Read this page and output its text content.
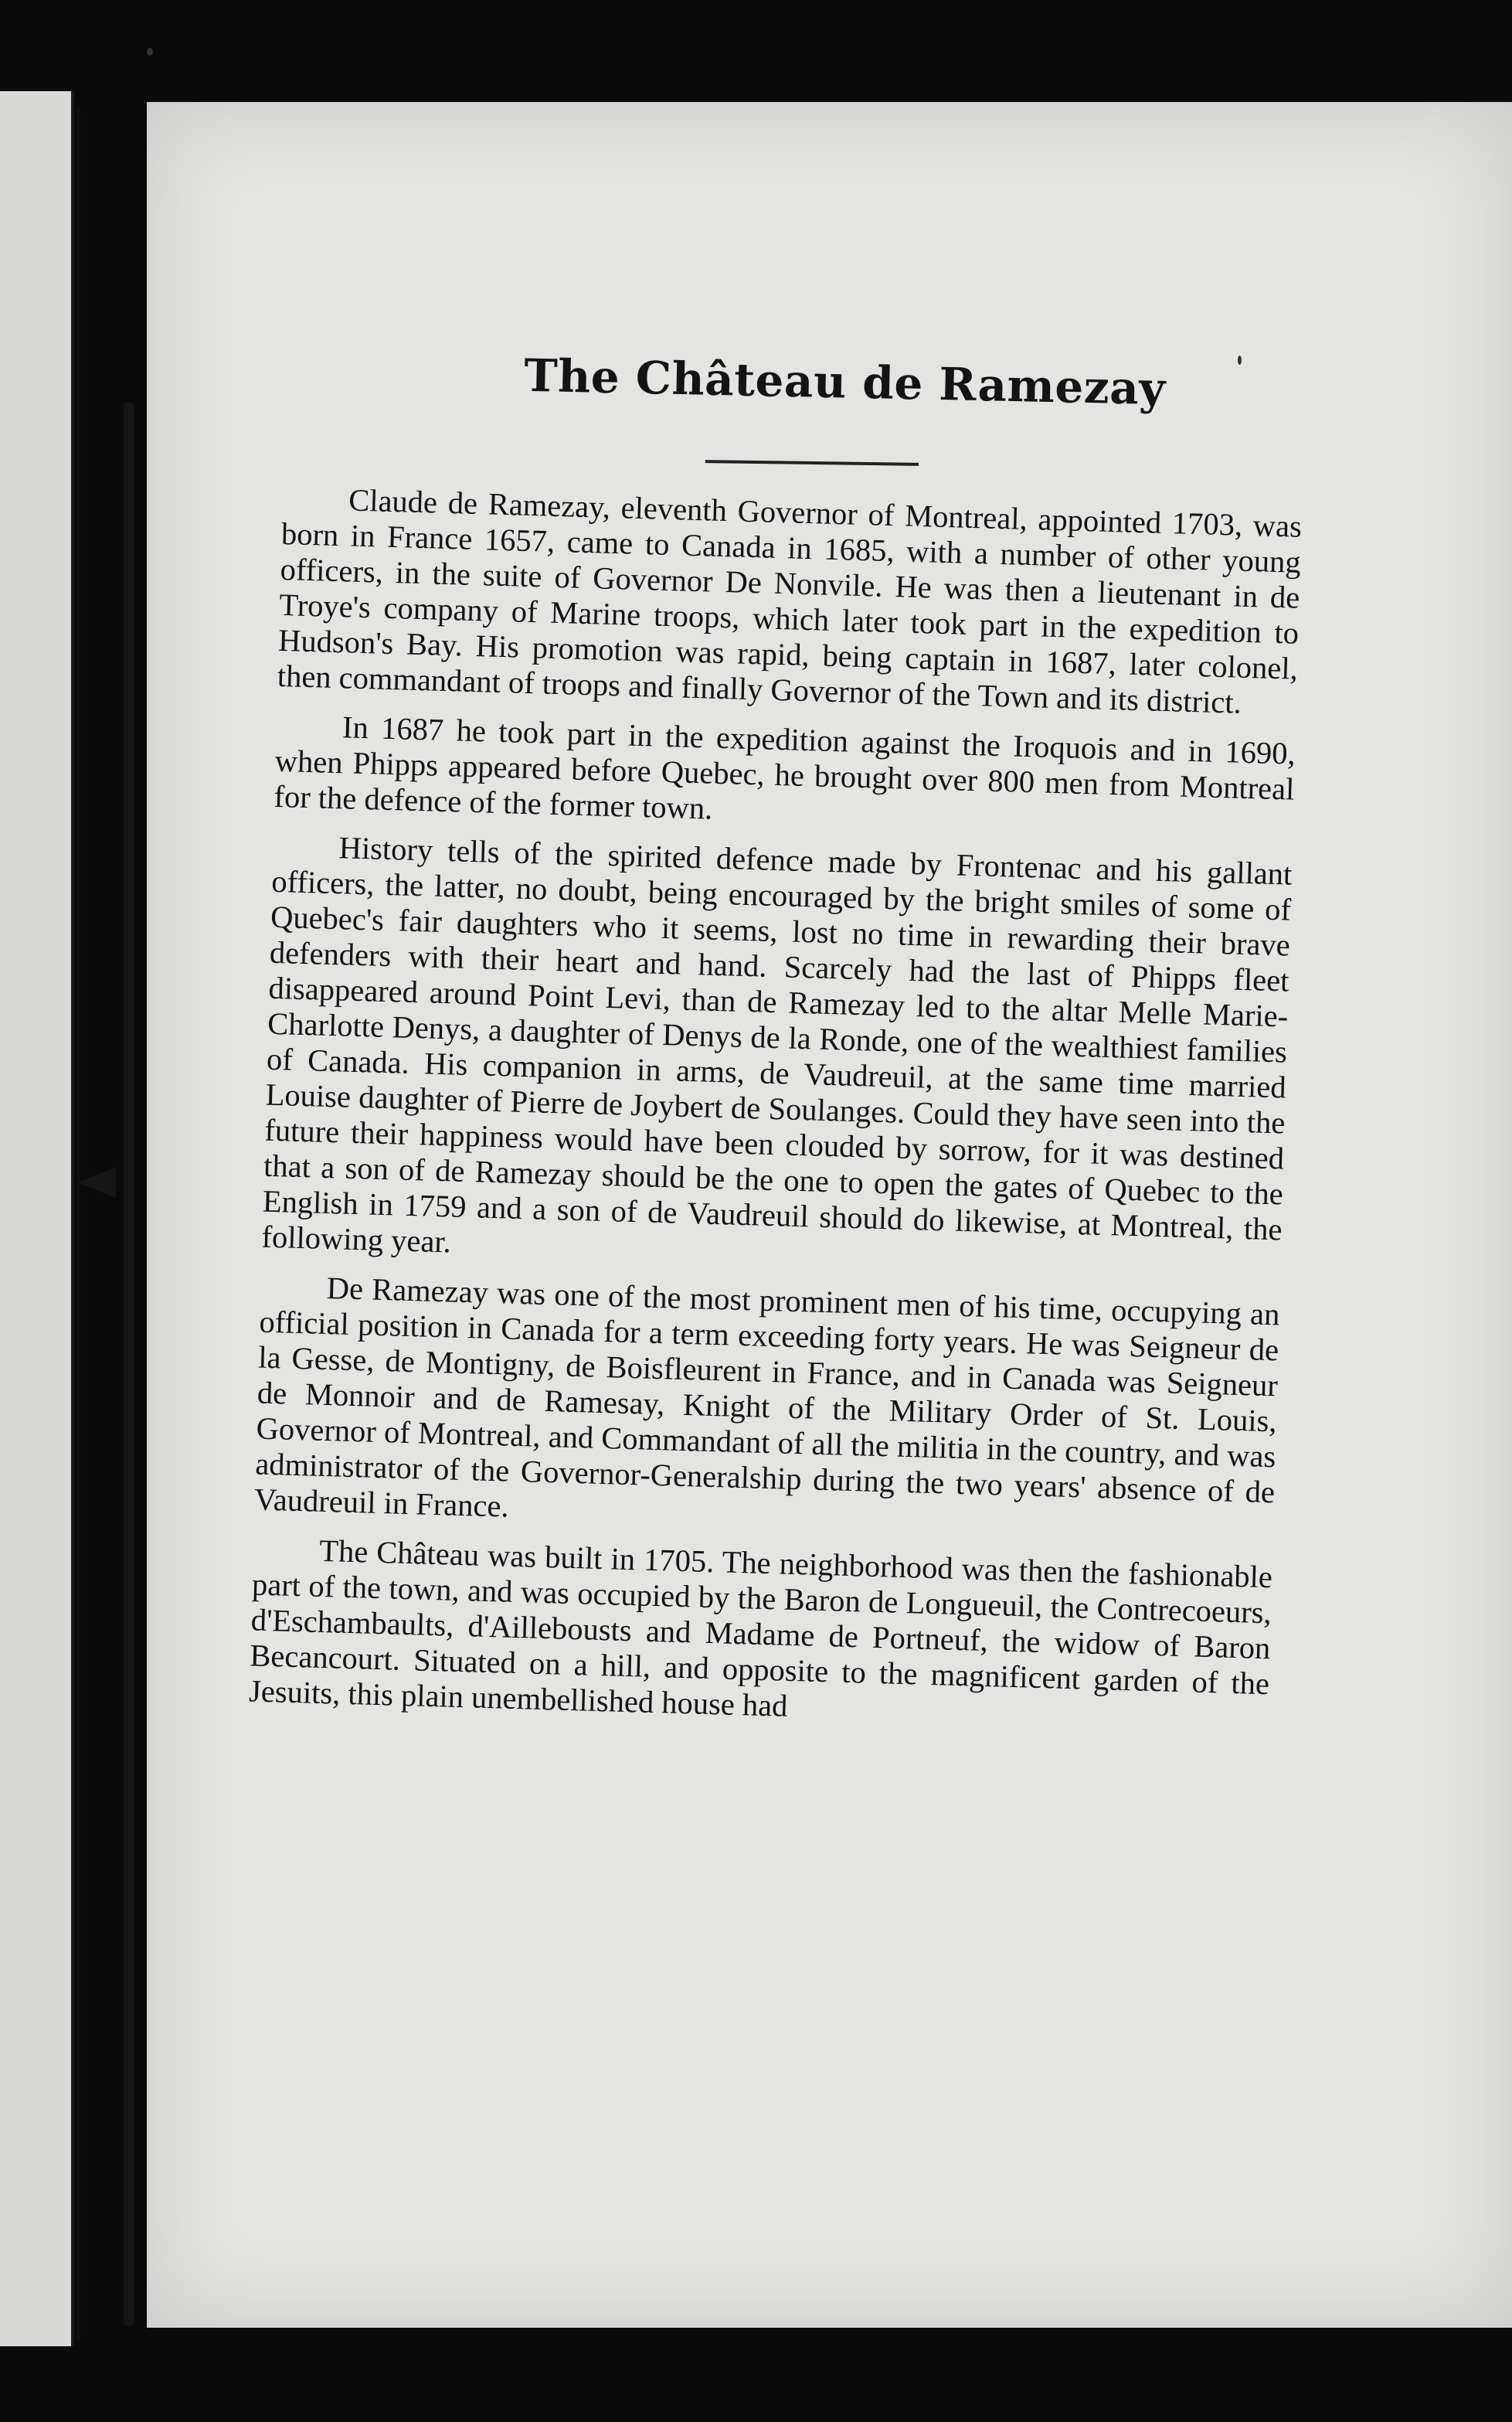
The Château de Ramezay

Claude de Ramezay, eleventh Governor of Montreal, appointed 1703, was born in France 1657, came to Canada in 1685, with a number of other young officers, in the suite of Governor De Nonvile. He was then a lieutenant in de Troye's company of Marine troops, which later took part in the expedition to Hudson's Bay. His promotion was rapid, being captain in 1687, later colonel, then commandant of troops and finally Governor of the Town and its district.

In 1687 he took part in the expedition against the Iroquois and in 1690, when Phipps appeared before Quebec, he brought over 800 men from Montreal for the defence of the former town.

History tells of the spirited defence made by Frontenac and his gallant officers, the latter, no doubt, being encouraged by the bright smiles of some of Quebec's fair daughters who it seems, lost no time in rewarding their brave defenders with their heart and hand. Scarcely had the last of Phipps fleet disappeared around Point Levi, than de Ramezay led to the altar Melle Marie-Charlotte Denys, a daughter of Denys de la Ronde, one of the wealthiest families of Canada. His companion in arms, de Vaudreuil, at the same time married Louise daughter of Pierre de Joybert de Soulanges. Could they have seen into the future their happiness would have been clouded by sorrow, for it was destined that a son of de Ramezay should be the one to open the gates of Quebec to the English in 1759 and a son of de Vaudreuil should do likewise, at Montreal, the following year.

De Ramezay was one of the most prominent men of his time, occupying an official position in Canada for a term exceeding forty years. He was Seigneur de la Gesse, de Montigny, de Boisfleurent in France, and in Canada was Seigneur de Monnoir and de Ramesay, Knight of the Military Order of St. Louis, Governor of Montreal, and Commandant of all the militia in the country, and was administrator of the Governor-Generalship during the two years' absence of de Vaudreuil in France.

The Château was built in 1705. The neighborhood was then the fashionable part of the town, and was occupied by the Baron de Longueuil, the Contrecoeurs, d'Eschambaults, d'Aillebousts and Madame de Portneuf, the widow of Baron Becancourt. Situated on a hill, and opposite to the magnificent garden of the Jesuits, this plain unembellished house had
